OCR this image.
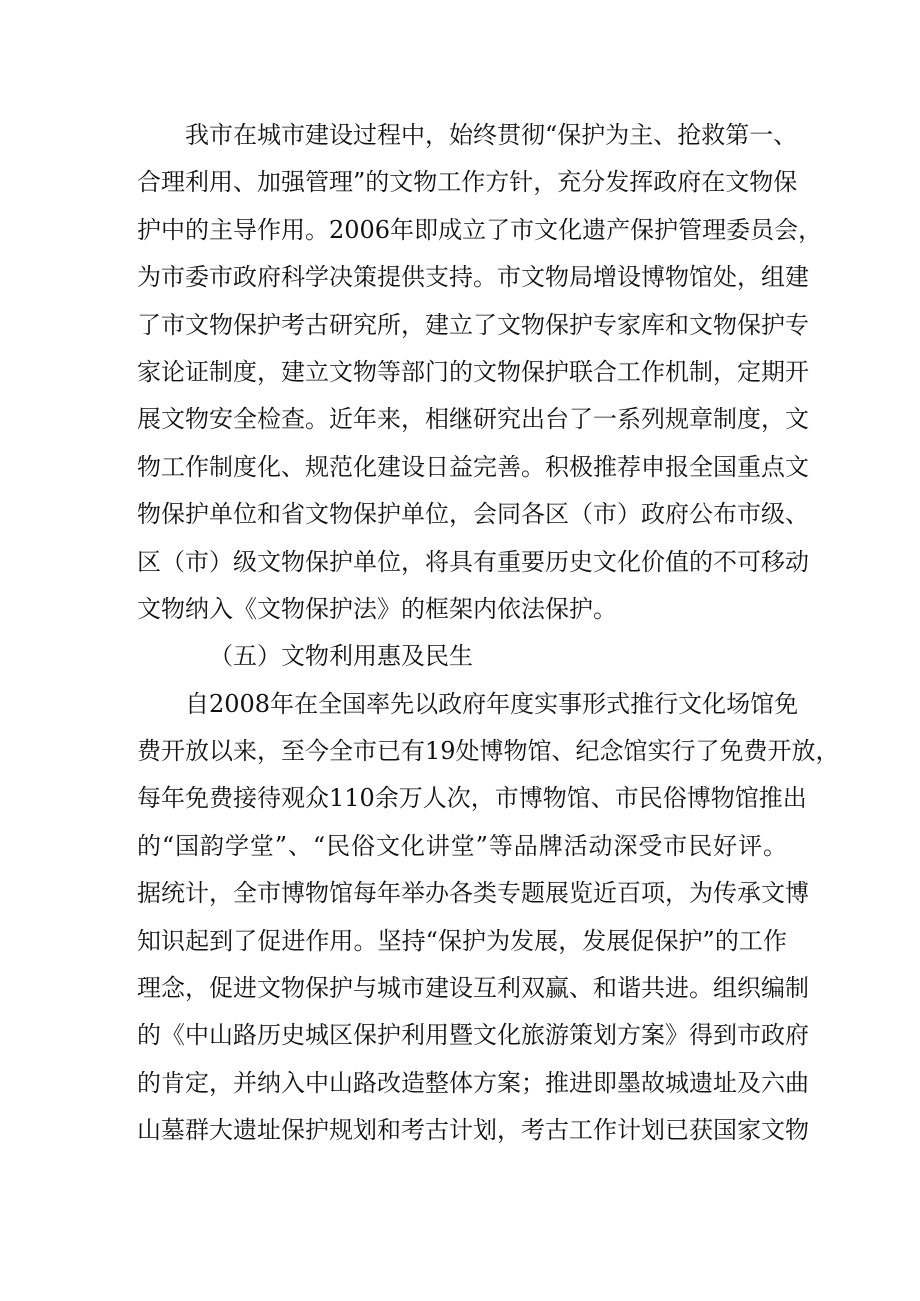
我市在城市建设过程中，始终贯彻“保护为主、抢救第一、
合理利用、加强管理”的文物工作方针，充分发挥政府在文物保
护中的主导作用。2006年即成立了市文化遗产保护管理委员会，
为市委市政府科学决策提供支持。市文物局增设博物馆处，组建
了市文物保护考古研究所，建立了文物保护专家库和文物保护专
家论证制度，建立文物等部门的文物保护联合工作机制，定期开
展文物安全检查。近年来，相继研究出台了一系列规章制度，文
物工作制度化、规范化建设日益完善。积极推荐申报全国重点文
物保护单位和省文物保护单位，会同各区（市）政府公布市级、
区（市）级文物保护单位，将具有重要历史文化价值的不可移动
文物纳入《文物保护法》的框架内依法保护。
（五）文物利用惠及民生
自2008年在全国率先以政府年度实事形式推行文化场馆免
费开放以来，至今全市已有19处博物馆、纪念馆实行了免费开放，
每年免费接待观众110余万人次，市博物馆、市民俗博物馆推出
的“国韵学堂”、“民俗文化讲堂”等品牌活动深受市民好评。
据统计，全市博物馆每年举办各类专题展览近百项，为传承文博
知识起到了促进作用。坚持“保护为发展，发展促保护”的工作
理念，促进文物保护与城市建设互利双赢、和谐共进。组织编制
的《中山路历史城区保护利用暨文化旅游策划方案》得到市政府
的肯定，并纳入中山路改造整体方案；推进即墨故城遗址及六曲
山墓群大遗址保护规划和考古计划，考古工作计划已获国家文物
